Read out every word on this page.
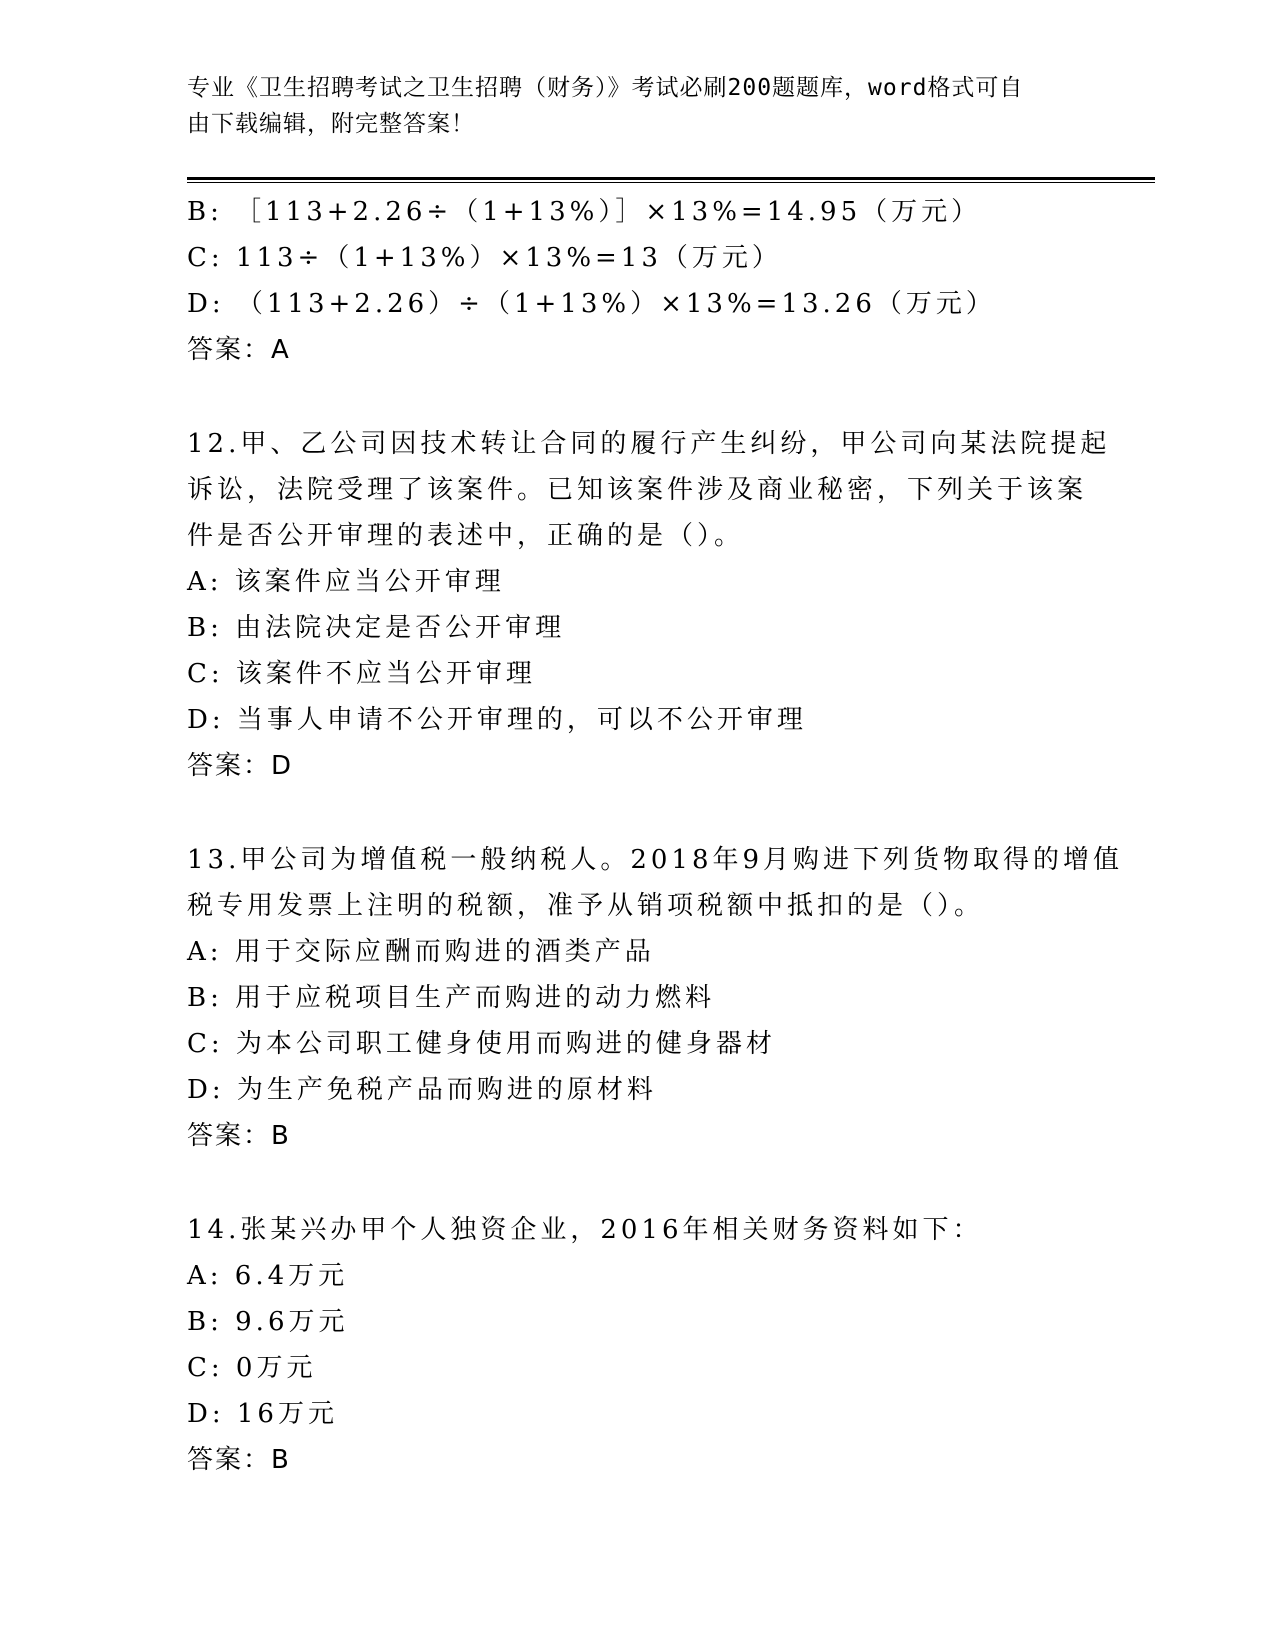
专业《卫生招聘考试之卫生招聘（财务）》考试必刷200题题库，word格式可自
由下载编辑，附完整答案！
B: ［113+2.26÷（1+13%）］×13%=14.95（万元）
C: 113÷（1+13%）×13%=13（万元）
D: （113+2.26）÷（1+13%）×13%=13.26（万元）
答案：A
12.甲、乙公司因技术转让合同的履行产生纠纷，甲公司向某法院提起
诉讼，法院受理了该案件。已知该案件涉及商业秘密，下列关于该案
件是否公开审理的表述中，正确的是（）。
A: 该案件应当公开审理
B: 由法院决定是否公开审理
C: 该案件不应当公开审理
D: 当事人申请不公开审理的，可以不公开审理
答案：D
13.甲公司为增值税一般纳税人。2018年9月购进下列货物取得的增值
税专用发票上注明的税额，准予从销项税额中抵扣的是（）。
A: 用于交际应酬而购进的酒类产品
B: 用于应税项目生产而购进的动力燃料
C: 为本公司职工健身使用而购进的健身器材
D: 为生产免税产品而购进的原材料
答案：B
14.张某兴办甲个人独资企业，2016年相关财务资料如下：
A: 6.4万元
B: 9.6万元
C: 0万元
D: 16万元
答案：B
